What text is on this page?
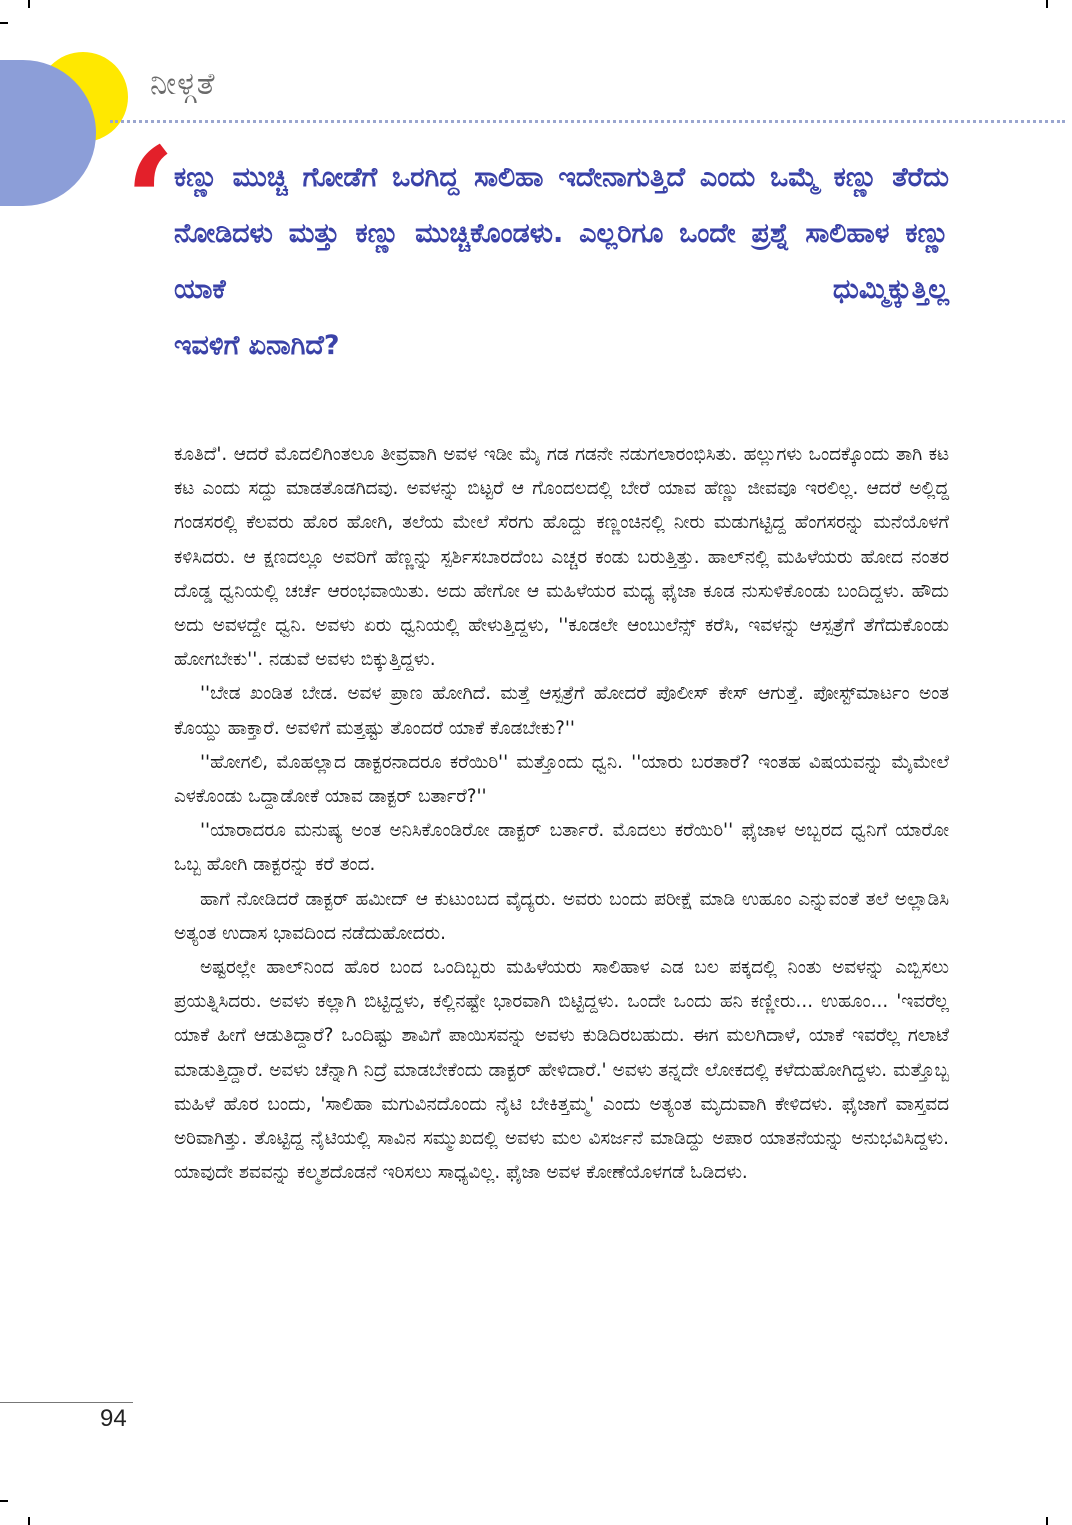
ನೀಳ್ಗತೆ
‘

ಕಣ್ಣು ಮುಚ್ಚಿ ಗೋಡೆಗೆ ಒರಗಿದ್ದ ಸಾಲಿಹಾ ಇದೇನಾಗುತ್ತಿದೆ ಎಂದು ಒಮ್ಮೆ ಕಣ್ಣು ತೆರೆದು ನೋಡಿದಳು ಮತ್ತು ಕಣ್ಣು ಮುಚ್ಚಿಕೊಂಡಳು. ಎಲ್ಲರಿಗೂ ಒಂದೇ ಪ್ರಶ್ನೆ ಸಾಲಿಹಾಳ ಕಣ್ಣು ಯಾಕೆ ಧುಮ್ಮಿಕ್ಕುತ್ತಿಲ್ಲ
ಇವಳಿಗೆ ಏನಾಗಿದೆ?

ಕೂತಿದೆ'. ಆದರೆ ಮೊದಲಿಗಿಂತಲೂ ತೀವ್ರವಾಗಿ ಅವಳ ಇಡೀ ಮೈ ಗಡ ಗಡನೇ ನಡುಗಲಾರಂಭಿಸಿತು. ಹಲ್ಲುಗಳು ಒಂದಕ್ಕೊಂದು ತಾಗಿ ಕಟ ಕಟ ಎಂದು ಸದ್ದು ಮಾಡತೊಡಗಿದವು. ಅವಳನ್ನು ಬಿಟ್ಟರೆ ಆ ಗೊಂದಲದಲ್ಲಿ ಬೇರೆ ಯಾವ ಹೆಣ್ಣು ಜೀವವೂ ಇರಲಿಲ್ಲ. ಆದರೆ ಅಲ್ಲಿದ್ದ ಗಂಡಸರಲ್ಲಿ ಕೆಲವರು ಹೊರ ಹೋಗಿ, ತಲೆಯ ಮೇಲೆ ಸೆರಗು ಹೊದ್ದು ಕಣ್ಣಂಚಿನಲ್ಲಿ ನೀರು ಮಡುಗಟ್ಟಿದ್ದ ಹೆಂಗಸರನ್ನು ಮನೆಯೊಳಗೆ ಕಳಿಸಿದರು. ಆ ಕ್ಷಣದಲ್ಲೂ ಅವರಿಗೆ ಹೆಣ್ಣನ್ನು ಸ್ಪರ್ಶಿಸಬಾರದೆಂಬ ಎಚ್ಚರ ಕಂಡು ಬರುತ್ತಿತ್ತು. ಹಾಲ್‌ನಲ್ಲಿ ಮಹಿಳೆಯರು ಹೋದ ನಂತರ ದೊಡ್ಡ ಧ್ವನಿಯಲ್ಲಿ ಚರ್ಚೆ ಆರಂಭವಾಯಿತು. ಅದು ಹೇಗೋ ಆ ಮಹಿಳೆಯರ ಮಧ್ಯ ಫೈಜಾ ಕೂಡ ನುಸುಳಿಕೊಂಡು ಬಂದಿದ್ದಳು. ಹೌದು ಅದು ಅವಳದ್ದೇ ಧ್ವನಿ. ಅವಳು ಏರು ಧ್ವನಿಯಲ್ಲಿ ಹೇಳುತ್ತಿದ್ದಳು, ''ಕೂಡಲೇ ಆಂಬುಲೆನ್ಸ್ ಕರೆಸಿ, ಇವಳನ್ನು ಆಸ್ಪತ್ರೆಗೆ ತೆಗೆದುಕೊಂಡು ಹೋಗಬೇಕು''. ನಡುವೆ ಅವಳು ಬಿಕ್ಕುತ್ತಿದ್ದಳು.

''ಬೇಡ ಖಂಡಿತ ಬೇಡ. ಅವಳ ಪ್ರಾಣ ಹೋಗಿದೆ. ಮತ್ತೆ ಆಸ್ಪತ್ರೆಗೆ ಹೋದರೆ ಪೊಲೀಸ್ ಕೇಸ್ ಆಗುತ್ತೆ. ಪೋಸ್ಟ್‌ಮಾರ್ಟಂ ಅಂತ ಕೊಯ್ದು ಹಾಕ್ತಾರೆ. ಅವಳಿಗೆ ಮತ್ತಷ್ಟು ತೊಂದರೆ ಯಾಕೆ ಕೊಡಬೇಕು?''

''ಹೋಗಲಿ, ಮೊಹಲ್ಲಾದ ಡಾಕ್ಟರನಾದರೂ ಕರೆಯಿರಿ'' ಮತ್ತೊಂದು ಧ್ವನಿ. ''ಯಾರು ಬರತಾರೆ? ಇಂತಹ ವಿಷಯವನ್ನು ಮೈಮೇಲೆ ಎಳಕೊಂಡು ಒದ್ದಾಡೋಕೆ ಯಾವ ಡಾಕ್ಟರ್ ಬರ್ತಾರೆ?''

''ಯಾರಾದರೂ ಮನುಷ್ಯ ಅಂತ ಅನಿಸಿಕೊಂಡಿರೋ ಡಾಕ್ಟರ್ ಬರ್ತಾರೆ. ಮೊದಲು ಕರೆಯಿರಿ'' ಫೈಜಾಳ ಅಬ್ಬರದ ಧ್ವನಿಗೆ ಯಾರೋ ಒಬ್ಬ ಹೋಗಿ ಡಾಕ್ಟರನ್ನು ಕರೆ ತಂದ.

ಹಾಗೆ ನೋಡಿದರೆ ಡಾಕ್ಟರ್ ಹಮೀದ್ ಆ ಕುಟುಂಬದ ವೈದ್ಯರು. ಅವರು ಬಂದು ಪರೀಕ್ಷೆ ಮಾಡಿ ಉಹೂಂ ಎನ್ನುವಂತೆ ತಲೆ ಅಲ್ಲಾಡಿಸಿ ಅತ್ಯಂತ ಉದಾಸ ಭಾವದಿಂದ ನಡೆದುಹೋದರು.

ಅಷ್ಟರಲ್ಲೇ ಹಾಲ್‌ನಿಂದ ಹೊರ ಬಂದ ಒಂದಿಬ್ಬರು ಮಹಿಳೆಯರು ಸಾಲಿಹಾಳ ಎಡ ಬಲ ಪಕ್ಕದಲ್ಲಿ ನಿಂತು ಅವಳನ್ನು ಎಬ್ಬಿಸಲು ಪ್ರಯತ್ನಿಸಿದರು. ಅವಳು ಕಲ್ಲಾಗಿ ಬಿಟ್ಟಿದ್ದಳು, ಕಲ್ಲಿನಷ್ಟೇ ಭಾರವಾಗಿ ಬಿಟ್ಟಿದ್ದಳು. ಒಂದೇ ಒಂದು ಹನಿ ಕಣ್ಣೀರು... ಉಹೂಂ... 'ಇವರೆಲ್ಲ ಯಾಕೆ ಹೀಗೆ ಆಡುತಿದ್ದಾರೆ? ಒಂದಿಷ್ಟು ಶಾವಿಗೆ ಪಾಯಿಸವನ್ನು ಅವಳು ಕುಡಿದಿರಬಹುದು. ಈಗ ಮಲಗಿದಾಳೆ, ಯಾಕೆ ಇವರೆಲ್ಲ ಗಲಾಟೆ ಮಾಡುತ್ತಿದ್ದಾರೆ. ಅವಳು ಚೆನ್ನಾಗಿ ನಿದ್ರೆ ಮಾಡಬೇಕೆಂದು ಡಾಕ್ಟರ್ ಹೇಳಿದಾರೆ.' ಅವಳು ತನ್ನದೇ ಲೋಕದಲ್ಲಿ ಕಳೆದುಹೋಗಿದ್ದಳು. ಮತ್ತೊಬ್ಬ ಮಹಿಳೆ ಹೊರ ಬಂದು, 'ಸಾಲಿಹಾ ಮಗುವಿನದೊಂದು ನೈಟಿ ಬೇಕಿತ್ತಮ್ಮ' ಎಂದು ಅತ್ಯಂತ ಮೃದುವಾಗಿ ಕೇಳಿದಳು. ಫೈಜಾಗೆ ವಾಸ್ತವದ ಅರಿವಾಗಿತ್ತು. ತೊಟ್ಟಿದ್ದ ನೈಟಿಯಲ್ಲಿ ಸಾವಿನ ಸಮ್ಮುಖದಲ್ಲಿ ಅವಳು ಮಲ ವಿಸರ್ಜನೆ ಮಾಡಿದ್ದು ಅಪಾರ ಯಾತನೆಯನ್ನು ಅನುಭವಿಸಿದ್ದಳು. ಯಾವುದೇ ಶವವನ್ನು ಕಲ್ಮಶದೊಡನೆ ಇರಿಸಲು ಸಾಧ್ಯವಿಲ್ಲ. ಫೈಜಾ ಅವಳ ಕೋಣೆಯೊಳಗಡೆ ಓಡಿದಳು.

94
